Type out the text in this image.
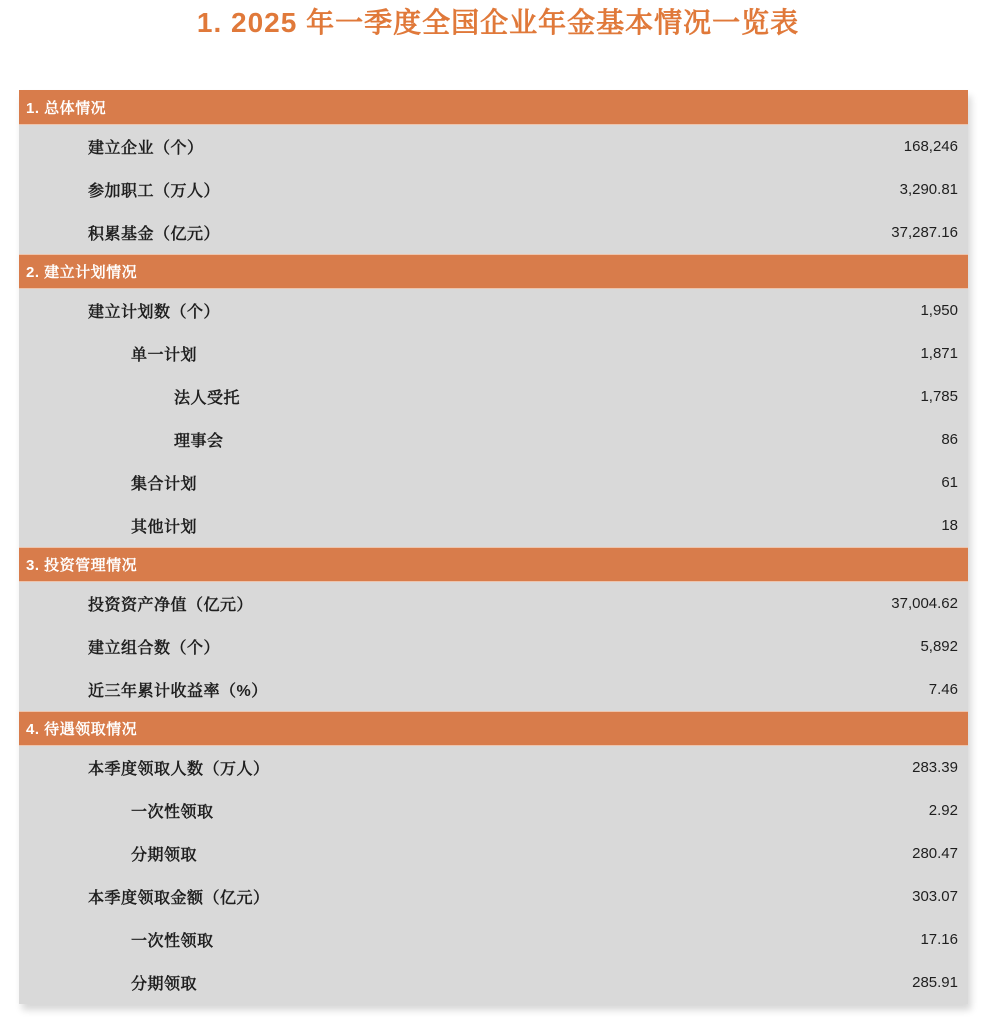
1. 2025 年一季度全国企业年金基本情况一览表
1. 总体情况
建立企业（个）	168,246
参加职工（万人）	3,290.81
积累基金（亿元）	37,287.16
2. 建立计划情况
建立计划数（个）	1,950
单一计划	1,871
法人受托	1,785
理事会	86
集合计划	61
其他计划	18
3. 投资管理情况
投资资产净值（亿元）	37,004.62
建立组合数（个）	5,892
近三年累计收益率（%）	7.46
4. 待遇领取情况
本季度领取人数（万人）	283.39
一次性领取	2.92
分期领取	280.47
本季度领取金额（亿元）	303.07
一次性领取	17.16
分期领取	285.91
